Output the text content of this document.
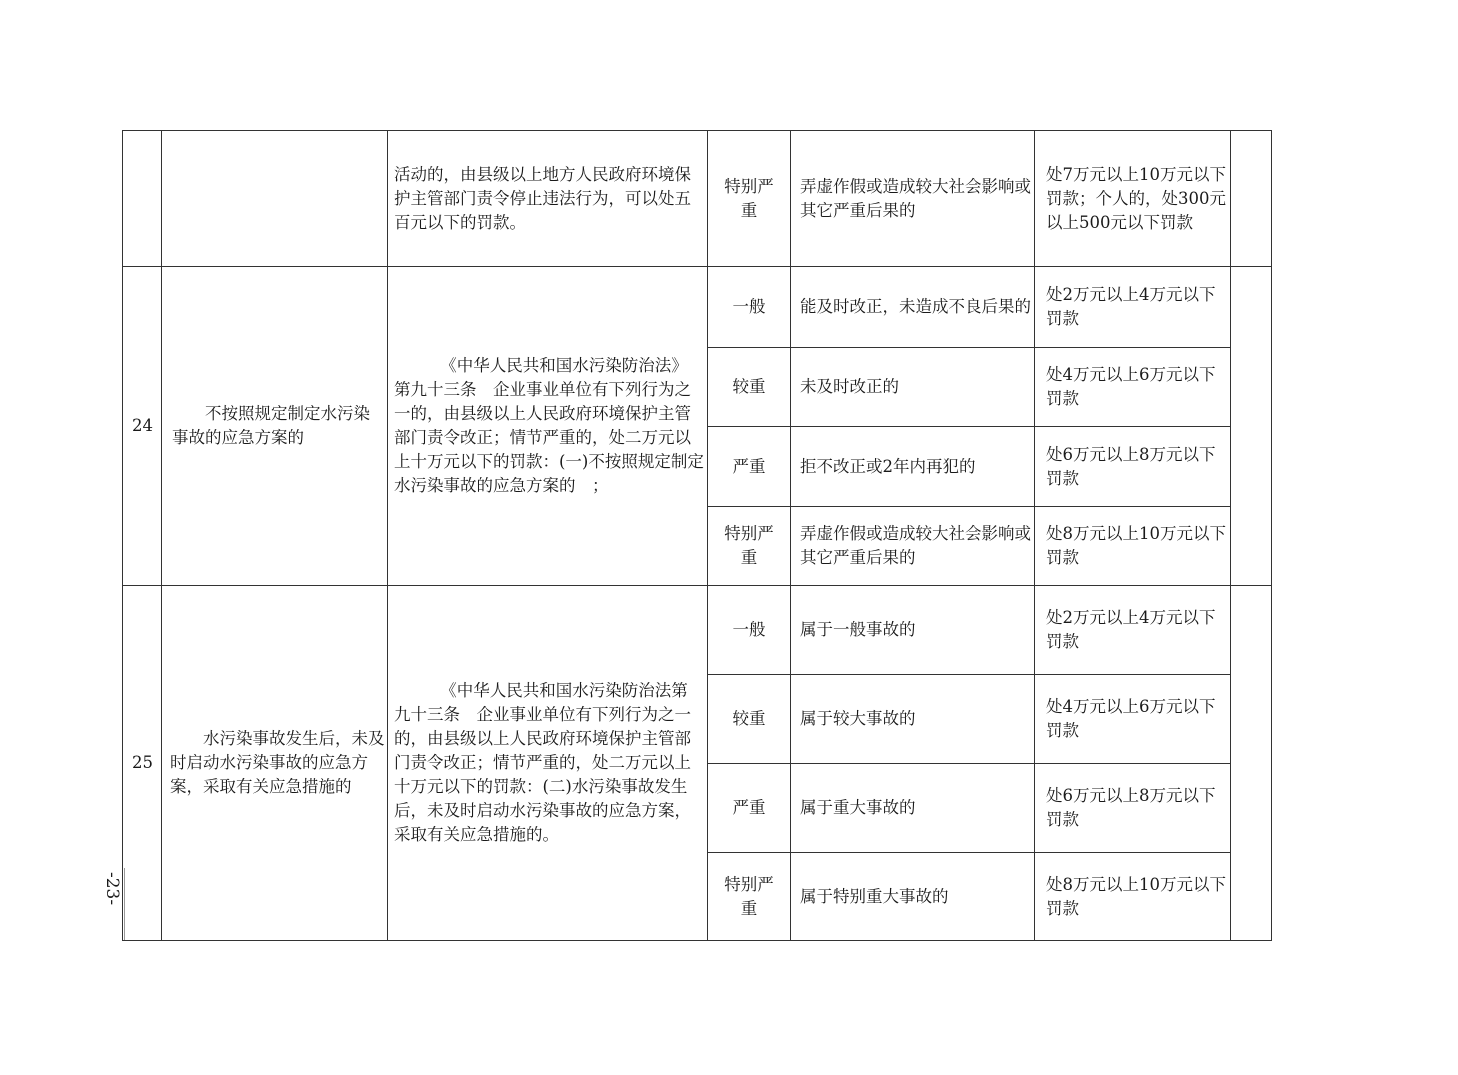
		活动的，由县级以上地方人民政府环境保护主管部门责令停止违法行为，可以处五百元以下的罚款。	特别严重	弄虚作假或造成较大社会影响或其它严重后果的	处7万元以上10万元以下罚款；个人的，处300元以上500元以下罚款	
24	不按照规定制定水污染事故的应急方案的	《中华人民共和国水污染防治法》第九十三条　企业事业单位有下列行为之一的，由县级以上人民政府环境保护主管部门责令改正；情节严重的，处二万元以上十万元以下的罚款：(一)不按照规定制定水污染事故的应急方案的　；	一般	能及时改正，未造成不良后果的	处2万元以上4万元以下罚款	
			较重	未及时改正的	处4万元以上6万元以下罚款	
			严重	拒不改正或2年内再犯的	处6万元以上8万元以下罚款	
			特别严重	弄虚作假或造成较大社会影响或其它严重后果的	处8万元以上10万元以下罚款	
25	水污染事故发生后，未及时启动水污染事故的应急方案，采取有关应急措施的	《中华人民共和国水污染防治法第九十三条　企业事业单位有下列行为之一的，由县级以上人民政府环境保护主管部门责令改正；情节严重的，处二万元以上十万元以下的罚款：(二)水污染事故发生后，未及时启动水污染事故的应急方案，采取有关应急措施的。	一般	属于一般事故的	处2万元以上4万元以下罚款	
			较重	属于较大事故的	处4万元以上6万元以下罚款	
			严重	属于重大事故的	处6万元以上8万元以下罚款	
			特别严重	属于特别重大事故的	处8万元以上10万元以下罚款	
-23-
